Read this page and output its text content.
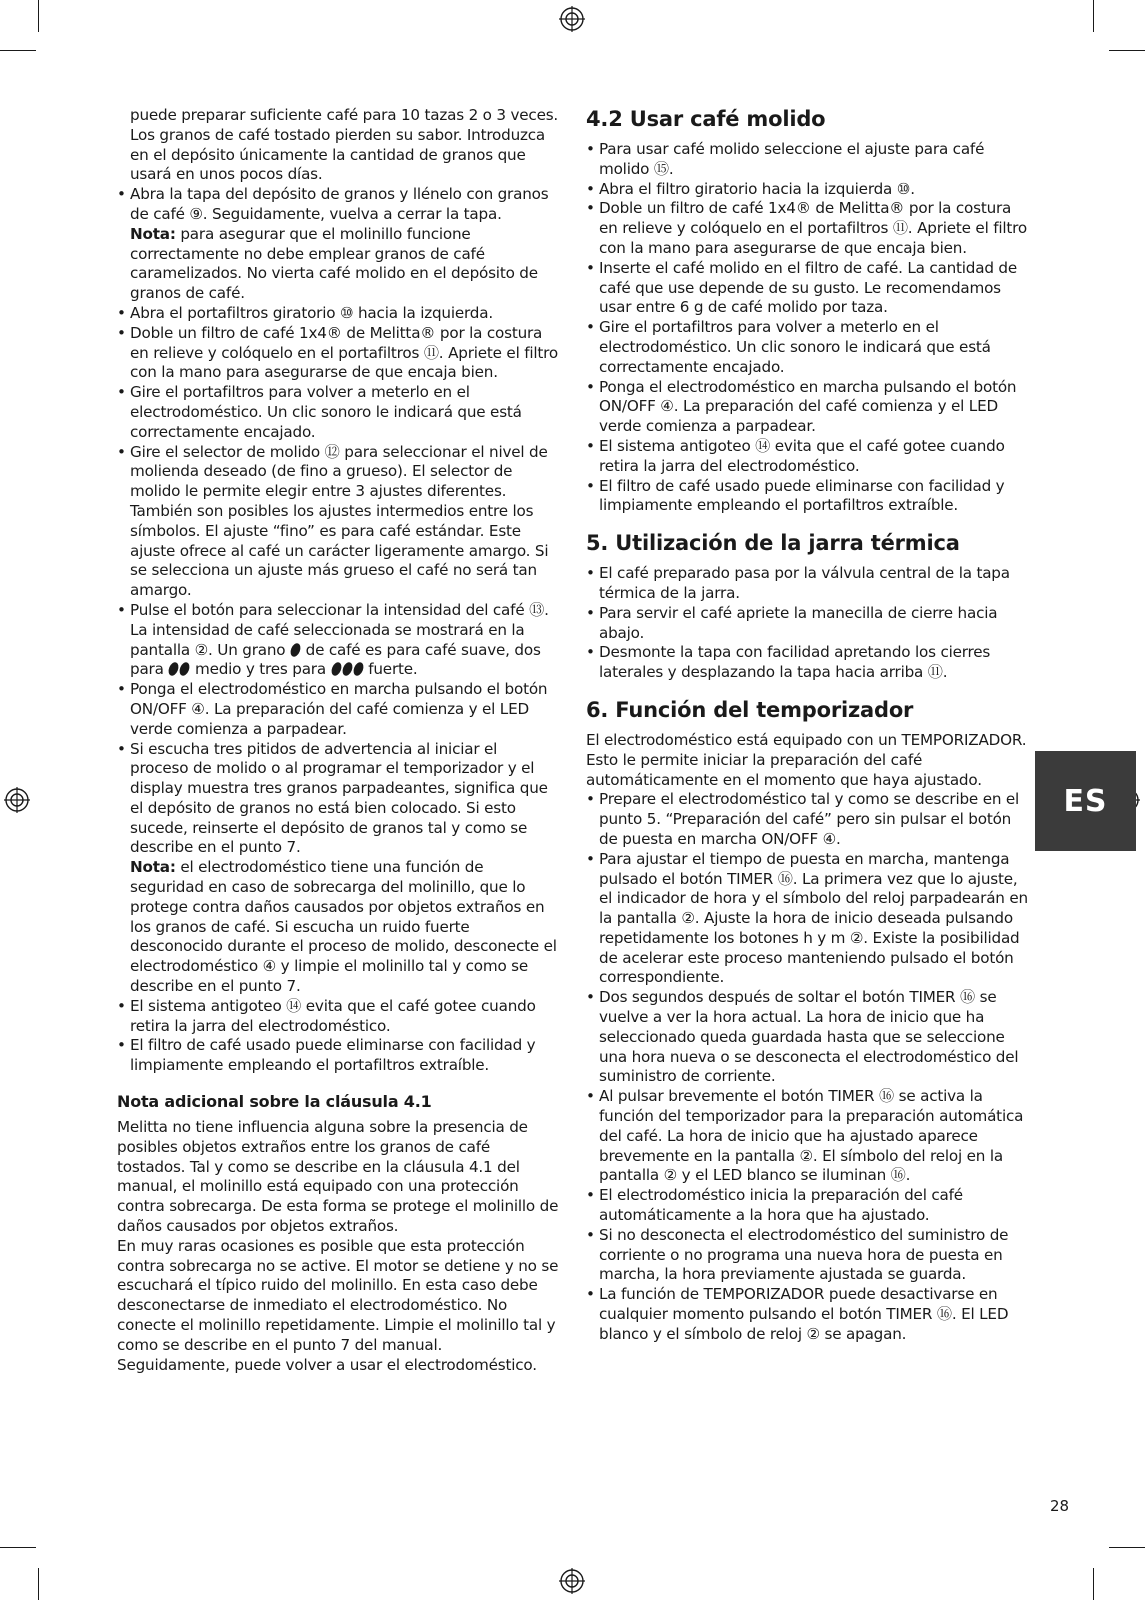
puede preparar suficiente café para 10 tazas 2 o 3 veces. Los granos de café tostado pierden su sabor. Introduzca en el depósito únicamente la cantidad de granos que usará en unos pocos días.

• Abra la tapa del depósito de granos y llénelo con granos de café ⑨. Seguidamente, vuelva a cerrar la tapa.

Nota: para asegurar que el molinillo funcione correctamente no debe emplear granos de café caramelizados. No vierta café molido en el depósito de granos de café.

• Abra el portafiltros giratorio ⑩ hacia la izquierda.

• Doble un filtro de café 1x4® de Melitta® por la costura en relieve y colóquelo en el portafiltros ⑪. Apriete el filtro con la mano para asegurarse de que encaja bien.

• Gire el portafiltros para volver a meterlo en el electrodoméstico. Un clic sonoro le indicará que está correctamente encajado.

• Gire el selector de molido ⑫ para seleccionar el nivel de molienda deseado (de fino a grueso). El selector de molido le permite elegir entre 3 ajustes diferentes. También son posibles los ajustes intermedios entre los símbolos. El ajuste “fino” es para café estándar. Este ajuste ofrece al café un carácter ligeramente amargo. Si se selecciona un ajuste más grueso el café no será tan amargo.

• Pulse el botón para seleccionar la intensidad del café ⑬. La intensidad de café seleccionada se mostrará en la pantalla ②. Un grano  de café es para café suave, dos para  medio y tres para  fuerte.

• Ponga el electrodoméstico en marcha pulsando el botón ON/OFF ④. La preparación del café comienza y el LED verde comienza a parpadear.

• Si escucha tres pitidos de advertencia al iniciar el proceso de molido o al programar el temporizador y el display muestra tres granos parpadeantes, significa que el depósito de granos no está bien colocado. Si esto sucede, reinserte el depósito de granos tal y como se describe en el punto 7.

Nota: el electrodoméstico tiene una función de seguridad en caso de sobrecarga del molinillo, que lo protege contra daños causados por objetos extraños en los granos de café. Si escucha un ruido fuerte desconocido durante el proceso de molido, desconecte el electrodoméstico ④ y limpie el molinillo tal y como se describe en el punto 7.

• El sistema antigoteo ⑭ evita que el café gotee cuando retira la jarra del electrodoméstico.

• El filtro de café usado puede eliminarse con facilidad y limpiamente empleando el portafiltros extraíble.

Nota adicional sobre la cláusula 4.1

Melitta no tiene influencia alguna sobre la presencia de posibles objetos extraños entre los granos de café tostados. Tal y como se describe en la cláusula 4.1 del manual, el molinillo está equipado con una protección contra sobrecarga. De esta forma se protege el molinillo de daños causados por objetos extraños.

En muy raras ocasiones es posible que esta protección contra sobrecarga no se active. El motor se detiene y no se escuchará el típico ruido del molinillo. En esta caso debe desconectarse de inmediato el electrodoméstico. No conecte el molinillo repetidamente. Limpie el molinillo tal y como se describe en el punto 7 del manual. Seguidamente, puede volver a usar el electrodoméstico.

4.2 Usar café molido

• Para usar café molido seleccione el ajuste para café molido ⑮.

• Abra el filtro giratorio hacia la izquierda ⑩.

• Doble un filtro de café 1x4® de Melitta® por la costura en relieve y colóquelo en el portafiltros ⑪. Apriete el filtro con la mano para asegurarse de que encaja bien.

• Inserte el café molido en el filtro de café. La cantidad de café que use depende de su gusto. Le recomendamos usar entre 6 g de café molido por taza.

• Gire el portafiltros para volver a meterlo en el electrodoméstico. Un clic sonoro le indicará que está correctamente encajado.

• Ponga el electrodoméstico en marcha pulsando el botón ON/OFF ④. La preparación del café comienza y el LED verde comienza a parpadear.

• El sistema antigoteo ⑭ evita que el café gotee cuando retira la jarra del electrodoméstico.

• El filtro de café usado puede eliminarse con facilidad y limpiamente empleando el portafiltros extraíble.

5. Utilización de la jarra térmica

• El café preparado pasa por la válvula central de la tapa térmica de la jarra.

• Para servir el café apriete la manecilla de cierre hacia abajo.

• Desmonte la tapa con facilidad apretando los cierres laterales y desplazando la tapa hacia arriba ⑪.

6. Función del temporizador

El electrodoméstico está equipado con un TEMPORIZADOR. Esto le permite iniciar la preparación del café automáticamente en el momento que haya ajustado.

• Prepare el electrodoméstico tal y como se describe en el punto 5. “Preparación del café” pero sin pulsar el botón de puesta en marcha ON/OFF ④.

• Para ajustar el tiempo de puesta en marcha, mantenga pulsado el botón TIMER ⑯. La primera vez que lo ajuste, el indicador de hora y el símbolo del reloj parpadearán en la pantalla ②. Ajuste la hora de inicio deseada pulsando repetidamente los botones h y m ②. Existe la posibilidad de acelerar este proceso manteniendo pulsado el botón correspondiente.

• Dos segundos después de soltar el botón TIMER ⑯ se vuelve a ver la hora actual. La hora de inicio que ha seleccionado queda guardada hasta que se seleccione una hora nueva o se desconecta el electrodoméstico del suministro de corriente.

• Al pulsar brevemente el botón TIMER ⑯ se activa la función del temporizador para la preparación automática del café. La hora de inicio que ha ajustado aparece brevemente en la pantalla ②. El símbolo del reloj en la pantalla ② y el LED blanco se iluminan ⑯.

• El electrodoméstico inicia la preparación del café automáticamente a la hora que ha ajustado.

• Si no desconecta el electrodoméstico del suministro de corriente o no programa una nueva hora de puesta en marcha, la hora previamente ajustada se guarda.

• La función de TEMPORIZADOR puede desactivarse en cualquier momento pulsando el botón TIMER ⑯. El LED blanco y el símbolo de reloj ② se apagan.

ES
28
